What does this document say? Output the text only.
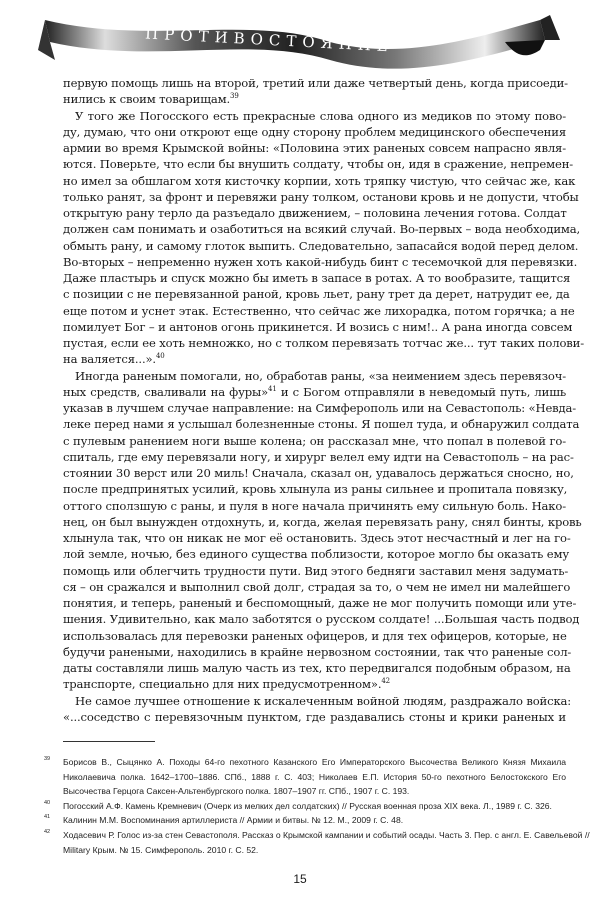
ПРОТИВОСТОЯНИЕ
первую помощь лишь на второй, третий или даже четвертый день, когда присоеди-
нились к своим товарищам.$^{39}$
У того же Погосского есть прекрасные слова одного из медиков по этому пово-
ду, думаю, что они откроют еще одну сторону проблем медицинского обеспечения
армии во время Крымской войны: «Половина этих раненых совсем напрасно явля-
ются. Поверьте, что если бы внушить солдату, чтобы он, идя в сражение, непремен-
но имел за обшлагом хотя кисточку корпии, хоть тряпку чистую, что сейчас же, как
только ранят, за фронт и перевяжи рану толком, останови кровь и не допусти, чтобы
открытую рану терло да разъедало движением, – половина лечения готова. Солдат
должен сам понимать и озаботиться на всякий случай. Во-первых – вода необходима,
обмыть рану, и самому глоток выпить. Следовательно, запасайся водой перед делом.
Во-вторых – непременно нужен хоть какой-нибудь бинт с тесемочкой для перевязки.
Даже пластырь и спуск можно бы иметь в запасе в ротах. А то вообразите, тащится
с позиции с не перевязанной раной, кровь льет, рану трет да дерет, натрудит ее, да
еще потом и уснет этак. Естественно, что сейчас же лихорадка, потом горячка; а не
помилует Бог – и антонов огонь прикинется. И возись с ним!.. А рана иногда совсем
пустая, если ее хоть немножко, но с толком перевязать тотчас же... тут таких полови-
на валяется...».$^{40}$
Иногда раненым помогали, но, обработав раны, «за неимением здесь перевязоч-
ных средств, сваливали на фуры»$^{41}$ и с Богом отправляли в неведомый путь, лишь
указав в лучшем случае направление: на Симферополь или на Севастополь: «Невда-
леке перед нами я услышал болезненные стоны. Я пошел туда, и обнаружил солдата
с пулевым ранением ноги выше колена; он рассказал мне, что попал в полевой го-
спиталь, где ему перевязали ногу, и хирург велел ему идти на Севастополь – на рас-
стоянии 30 верст или 20 миль! Сначала, сказал он, удавалось держаться сносно, но,
после предпринятых усилий, кровь хлынула из раны сильнее и пропитала повязку,
оттого сползшую с раны, и пуля в ноге начала причинять ему сильную боль. Нако-
нец, он был вынужден отдохнуть, и, когда, желая перевязать рану, снял бинты, кровь
хлынула так, что он никак не мог её остановить. Здесь этот несчастный и лег на го-
лой земле, ночью, без единого существа поблизости, которое могло бы оказать ему
помощь или облегчить трудности пути. Вид этого бедняги заставил меня задумать-
ся – он сражался и выполнил свой долг, страдая за то, о чем не имел ни малейшего
понятия, и теперь, раненый и беспомощный, даже не мог получить помощи или уте-
шения. Удивительно, как мало заботятся о русском солдате! ...Большая часть подвод
использовалась для перевозки раненых офицеров, и для тех офицеров, которые, не
будучи ранеными, находились в крайне нервозном состоянии, так что раненые сол-
даты составляли лишь малую часть из тех, кто передвигался подобным образом, на
транспорте, специально для них предусмотренном».$^{42}$
Не самое лучшее отношение к искалеченным войной людям, раздражало войска:
«...соседство с перевязочным пунктом, где раздавались стоны и крики раненых и
39 Борисов В., Сыцянко А. Походы 64-го пехотного Казанского Его Императорского Высочества Великого Князя Михаила
Николаевича полка. 1642–1700–1886. СПб., 1888 г. С. 403; Николаев Е.П. История 50-го пехотного Белостокского Его
Высочества Герцога Саксен-Альтенбургского полка. 1807–1907 гг. СПб., 1907 г. С. 193.
40 Погосский А.Ф. Камень Кремневич (Очерк из мелких дел солдатских) // Русская военная проза XIX века. Л., 1989 г. С. 326.
41 Калинин М.М. Воспоминания артиллериста // Армии и битвы. № 12. М., 2009 г. С. 48.
42 Ходасевич Р. Голос из-за стен Севастополя. Рассказ о Крымской кампании и событий осады. Часть 3. Пер. с англ. Е. Савельевой //
Military Крым. № 15. Симферополь. 2010 г. С. 52.
15
